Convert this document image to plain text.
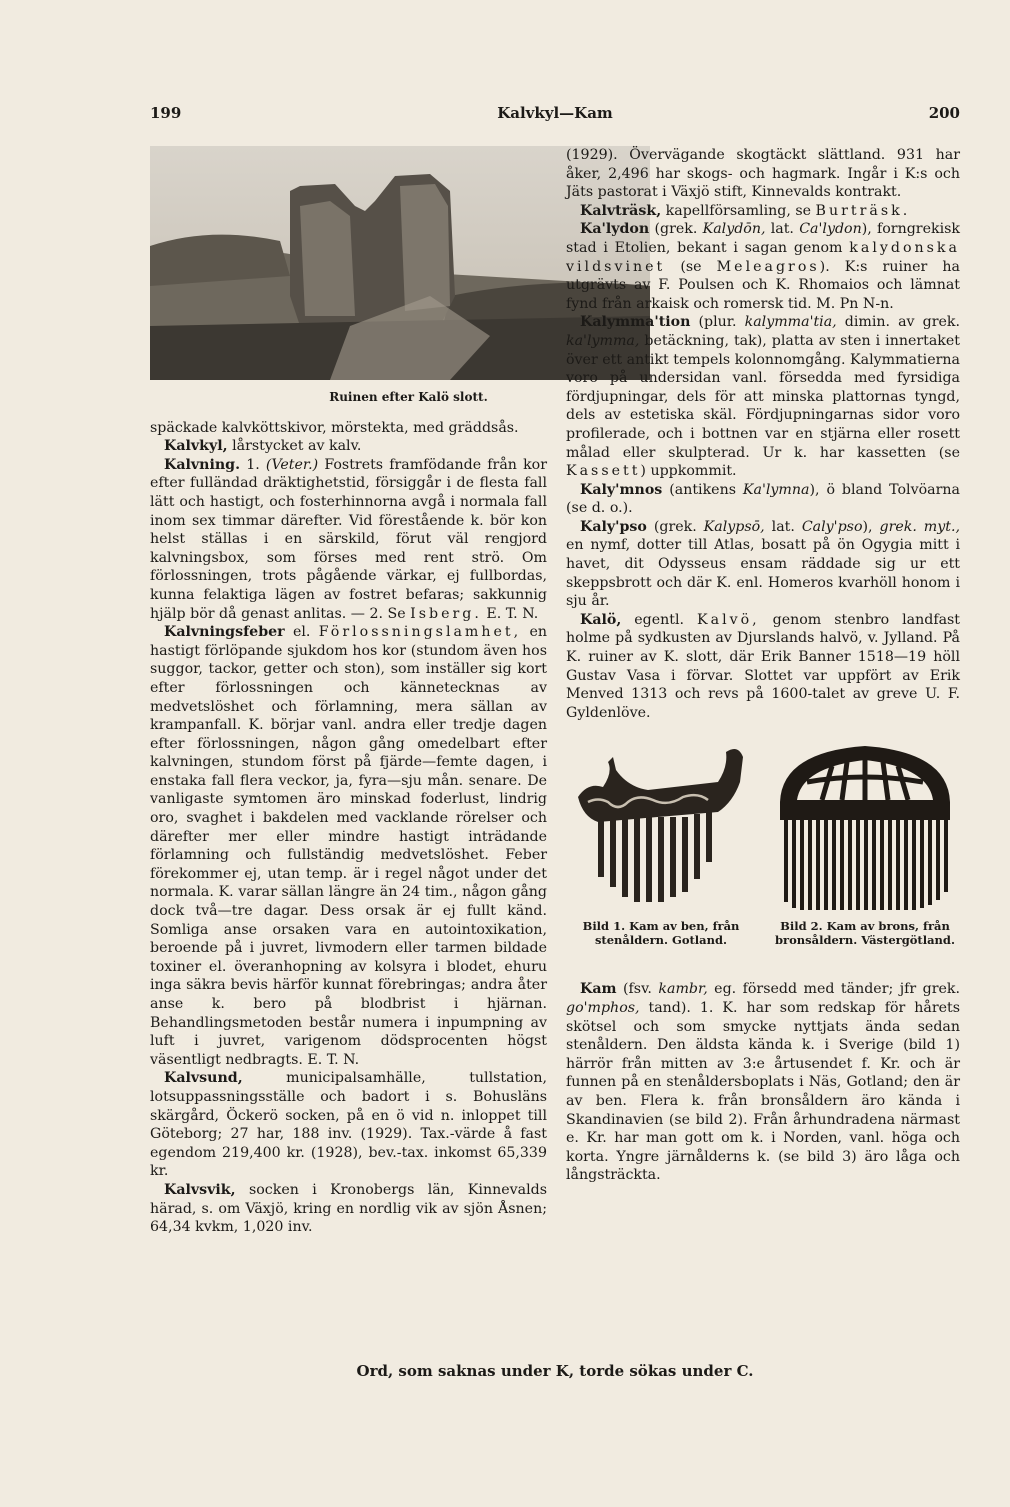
199	Kalvkyl—Kam	200
Ruinen efter Kalö slott.

späckade kalvköttskivor, mörstekta, med gräddsås.

Kalvkyl, lårstycket av kalv.

Kalvning. 1. (Veter.) Fostrets framfödande från kor efter fulländad dräktighetstid, försiggår i de flesta fall lätt och hastigt, och fosterhinnorna avgå i normala fall inom sex timmar därefter. Vid förestående k. bör kon helst ställas i en särskild, förut väl rengjord kalvningsbox, som förses med rent strö. Om förlossningen, trots pågående värkar, ej fullbordas, kunna felaktiga lägen av fostret befaras; sakkunnig hjälp bör då genast anlitas. — 2. Se Isberg. E. T. N.

Kalvningsfeber el. Förlossningslamhet, en hastigt förlöpande sjukdom hos kor (stundom även hos suggor, tackor, getter och ston), som inställer sig kort efter förlossningen och kännetecknas av medvetslöshet och förlamning, mera sällan av krampanfall. K. börjar vanl. andra eller tredje dagen efter förlossningen, någon gång omedelbart efter kalvningen, stundom först på fjärde—femte dagen, i enstaka fall flera veckor, ja, fyra—sju mån. senare. De vanligaste symtomen äro minskad foderlust, lindrig oro, svaghet i bakdelen med vacklande rörelser och därefter mer eller mindre hastigt inträdande förlamning och fullständig medvetslöshet. Feber förekommer ej, utan temp. är i regel något under det normala. K. varar sällan längre än 24 tim., någon gång dock två—tre dagar. Dess orsak är ej fullt känd. Somliga anse orsaken vara en autointoxikation, beroende på i juvret, livmodern eller tarmen bildade toxiner el. överanhopning av kolsyra i blodet, ehuru inga säkra bevis härför kunnat förebringas; andra åter anse k. bero på blodbrist i hjärnan. Behandlingsmetoden består numera i inpumpning av luft i juvret, varigenom dödsprocenten högst väsentligt nedbragts. E. T. N.

Kalvsund, municipalsamhälle, tullstation, lotsuppassningsställe och badort i s. Bohusläns skärgård, Öckerö socken, på en ö vid n. inloppet till Göteborg; 27 har, 188 inv. (1929). Tax.-värde å fast egendom 219,400 kr. (1928), bev.-tax. inkomst 65,339 kr.

Kalvsvik, socken i Kronobergs län, Kinnevalds härad, s. om Växjö, kring en nordlig vik av sjön Åsnen; 64,34 kvkm, 1,020 inv.

(1929). Övervägande skogtäckt slättland. 931 har åker, 2,496 har skogs- och hagmark. Ingår i K:s och Jäts pastorat i Växjö stift, Kinnevalds kontrakt.

Kalvträsk, kapellförsamling, se Burträsk.

Ka'lydon (grek. Kalydōn, lat. Ca'lydon), forngrekisk stad i Etolien, bekant i sagan genom kalydonska vildsvinet (se Meleagros). K:s ruiner ha utgrävts av F. Poulsen och K. Rhomaios och lämnat fynd från arkaisk och romersk tid. M. Pn N-n.

Kalymma'tion (plur. kalymma'tia, dimin. av grek. ka'lymma, betäckning, tak), platta av sten i innertaket över ett antikt tempels kolonnomgång. Kalymmatierna voro på undersidan vanl. försedda med fyrsidiga fördjupningar, dels för att minska plattornas tyngd, dels av estetiska skäl. Fördjupningarnas sidor voro profilerade, och i bottnen var en stjärna eller rosett målad eller skulpterad. Ur k. har kassetten (se Kassett) uppkommit.

Kaly'mnos (antikens Ka'lymna), ö bland Tolvöarna (se d. o.).

Kaly'pso (grek. Kalypsō, lat. Caly'pso), grek. myt., en nymf, dotter till Atlas, bosatt på ön Ogygia mitt i havet, dit Odysseus ensam räddade sig ur ett skeppsbrott och där K. enl. Homeros kvarhöll honom i sju år.

Kalö, egentl. Kalvö, genom stenbro landfast holme på sydkusten av Djurslands halvö, v. Jylland. På K. ruiner av K. slott, där Erik Banner 1518—19 höll Gustav Vasa i förvar. Slottet var uppfört av Erik Menved 1313 och revs på 1600-talet av greve U. F. Gyldenlöve.

Bild 1. Kam av ben, från stenåldern. Gotland.
Bild 2. Kam av brons, från bronsåldern. Västergötland.

Kam (fsv. kambr, eg. försedd med tänder; jfr grek. go'mphos, tand). 1. K. har som redskap för hårets skötsel och som smycke nyttjats ända sedan stenåldern. Den äldsta kända k. i Sverige (bild 1) härrör från mitten av 3:e årtusendet f. Kr. och är funnen på en stenåldersboplats i Näs, Gotland; den är av ben. Flera k. från bronsåldern äro kända i Skandinavien (se bild 2). Från århundradena närmast e. Kr. har man gott om k. i Norden, vanl. höga och korta. Yngre järnålderns k. (se bild 3) äro låga och långsträckta.

Ord, som saknas under K, torde sökas under C.
